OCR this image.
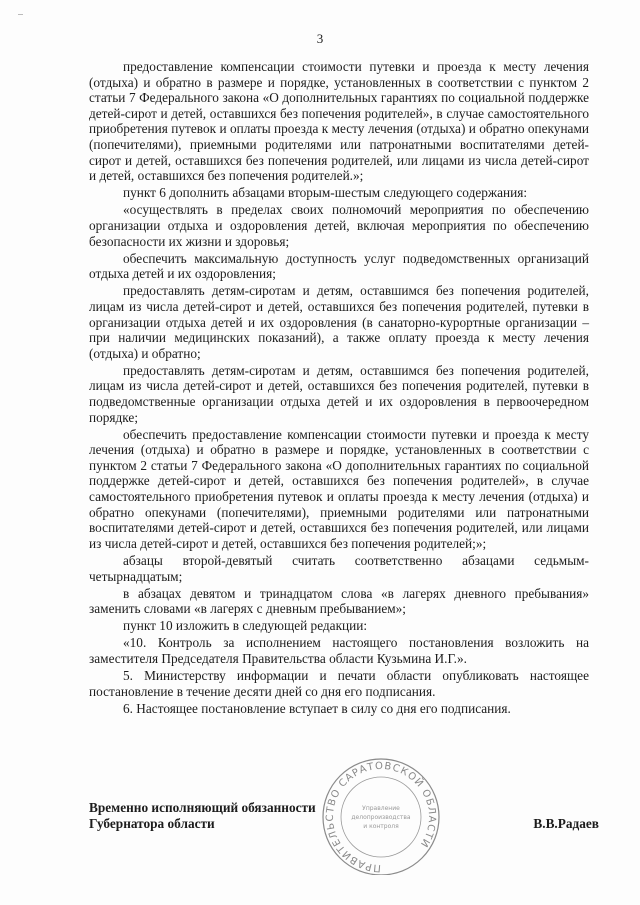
3

предоставление компенсации стоимости путевки и проезда к месту лечения (отдыха) и обратно в размере и порядке, установленных в соответствии с пунктом 2 статьи 7 Федерального закона «О дополнительных гарантиях по социальной поддержке детей-сирот и детей, оставшихся без попечения родителей», в случае самостоятельного приобретения путевок и оплаты проезда к месту лечения (отдыха) и обратно опекунами (попечителями), приемными родителями или патронатными воспитателями детей-сирот и детей, оставшихся без попечения родителей, или лицами из числа детей-сирот и детей, оставшихся без попечения родителей.»;

пункт 6 дополнить абзацами вторым-шестым следующего содержания:

«осуществлять в пределах своих полномочий мероприятия по обеспечению организации отдыха и оздоровления детей, включая мероприятия по обеспечению безопасности их жизни и здоровья;

обеспечить максимальную доступность услуг подведомственных организаций отдыха детей и их оздоровления;

предоставлять детям-сиротам и детям, оставшимся без попечения родителей, лицам из числа детей-сирот и детей, оставшихся без попечения родителей, путевки в организации отдыха детей и их оздоровления (в санаторно-курортные организации – при наличии медицинских показаний), а также оплату проезда к месту лечения (отдыха) и обратно;

предоставлять детям-сиротам и детям, оставшимся без попечения родителей, лицам из числа детей-сирот и детей, оставшихся без попечения родителей, путевки в подведомственные организации отдыха детей и их оздоровления в первоочередном порядке;

обеспечить предоставление компенсации стоимости путевки и проезда к месту лечения (отдыха) и обратно в размере и порядке, установленных в соответствии с пунктом 2 статьи 7 Федерального закона «О дополнительных гарантиях по социальной поддержке детей-сирот и детей, оставшихся без попечения родителей», в случае самостоятельного приобретения путевок и оплаты проезда к месту лечения (отдыха) и обратно опекунами (попечителями), приемными родителями или патронатными воспитателями детей-сирот и детей, оставшихся без попечения родителей, или лицами из числа детей-сирот и детей, оставшихся без попечения родителей;»;

абзацы второй-девятый считать соответственно абзацами седьмым-четырнадцатым;

в абзацах девятом и тринадцатом слова «в лагерях дневного пребывания» заменить словами «в лагерях с дневным пребыванием»;

пункт 10 изложить в следующей редакции:

«10. Контроль за исполнением настоящего постановления возложить на заместителя Председателя Правительства области Кузьмина И.Г.».

5. Министерству информации и печати области опубликовать настоящее постановление в течение десяти дней со дня его подписания.

6. Настоящее постановление вступает в силу со дня его подписания.

ПРАВИТЕЛЬСТВО САРАТОВСКОЙ ОБЛАСТИ
Управление
делопроизводства
и контроля
Временно исполняющий обязанности Губернатора области	В.В.Радаев
